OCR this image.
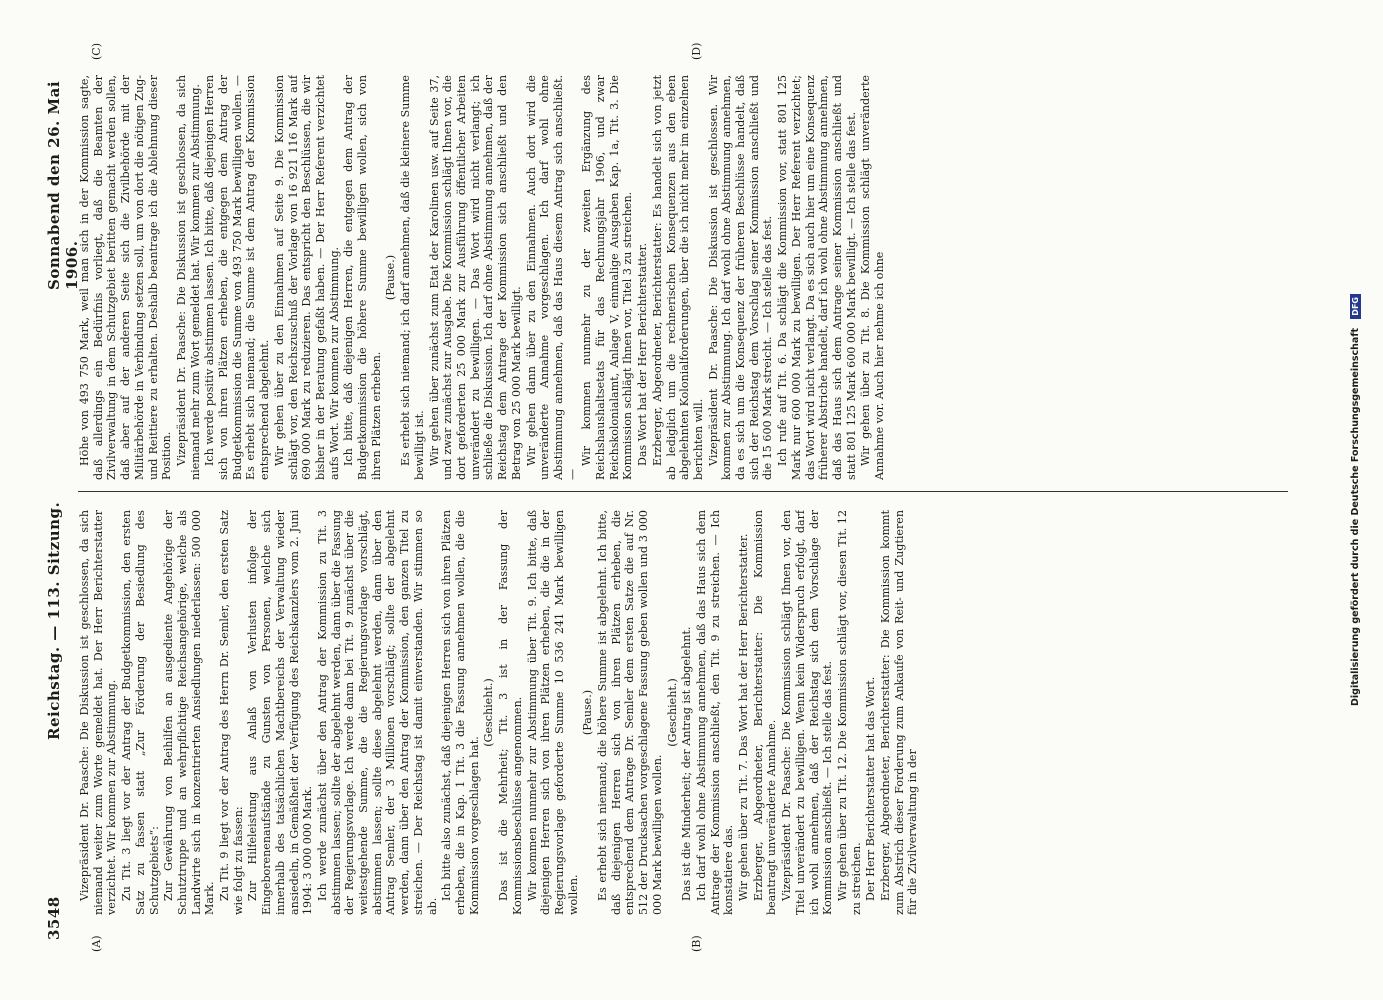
3548
Reichstag. — 113. Sitzung.
Sonnabend den 26. Mai 1906.
(A)	(B)
(C)	(D)

Vizepräsident Dr. Paasche: Die Diskussion ist geschlossen, da sich niemand weiter zum Worte gemeldet hat. Der Herr Berichterstatter verzichtet. Wir kommen zur Abstimmung. Zu Tit. 3 liegt vor der Antrag der Budgetkommission, den ersten Satz zu fassen statt „Zur Förderung der Besiedlung des Schutzgebiets“: Zur Gewährung von Beihilfen an ausgediente Angehörige der Schutztruppe und an wehrpflichtige Reichsangehörige, welche als Landwirte sich in konzentrierten Ansiedlungen niederlassen: 500 000 Mark. Zu Tit. 9 liegt vor der Antrag des Herrn Dr. Semler, den ersten Satz wie folgt zu fassen: Zur Hilfeleistung aus Anlaß von Verlusten infolge der Eingeborenenaufstände zu Gunsten von Personen, welche sich innerhalb des tatsächlichen Machtbereichs der Verwaltung wieder ansiedeln, in Gemäßheit der Verfügung des Reichskanzlers vom 2. Juni 1904: 3 000 000 Mark. Ich werde zunächst über den Antrag der Kommission zu Tit. 3 abstimmen lassen; sollte der abgelehnt werden, dann über die Fassung der Regierungsvorlage. Ich werde dann bei Tit. 9 zunächst über die weitestgehende Summe, die die Regierungsvorlage vorschlägt, abstimmen lassen; sollte diese abgelehnt werden, dann über den Antrag Semler, der 3 Millionen vorschlägt; sollte der abgelehnt werden, dann über den Antrag der Kommission, den ganzen Titel zu streichen. — Der Reichstag ist damit einverstanden. Wir stimmen so ab.

Ich bitte also zunächst, daß diejenigen Herren sich von ihren Plätzen erheben, die in Kap. 1 Tit. 3 die Fassung annehmen wollen, die die Kommission vorgeschlagen hat.

(Geschieht.) Das ist die Mehrheit; Tit. 3 ist in der Fassung der Kommissionsbeschlüsse angenommen. Wir kommen nunmehr zur Abstimmung über Tit. 9. Ich bitte, daß diejenigen Herren sich von ihren Plätzen erheben, die die in der Regierungsvorlage geforderte Summe 10 536 241 Mark bewilligen wollen.

(Pause.) Es erhebt sich niemand; die höhere Summe ist abgelehnt. Ich bitte, daß diejenigen Herren sich von ihren Plätzen erheben, die entsprechend dem Antrage Dr. Semler dem ersten Satze die auf Nr. 512 der Drucksachen vorgeschlagene Fassung geben wollen und 3 000 000 Mark bewilligen wollen.

(Geschieht.) Das ist die Minderheit; der Antrag ist abgelehnt. Ich darf wohl ohne Abstimmung annehmen, daß das Haus sich dem Antrage der Kommission anschließt, den Tit. 9 zu streichen. — Ich konstatiere das. Wir gehen über zu Tit. 7. Das Wort hat der Herr Berichterstatter. Erzberger, Abgeordneter, Berichterstatter: Die Kommission beantragt unveränderte Annahme. Vizepräsident Dr. Paasche: Die Kommission schlägt Ihnen vor, den Titel unverändert zu bewilligen. Wenn kein Widerspruch erfolgt, darf ich wohl annehmen, daß der Reichstag sich dem Vorschlage der Kommission anschließt. — Ich stelle das fest. Wir gehen über zu Tit. 12. Die Kommission schlägt vor, diesen Tit. 12 zu streichen. Der Herr Berichterstatter hat das Wort. Erzberger, Abgeordneter, Berichterstatter: Die Kommission kommt zum Abstrich dieser Forderung zum Ankaufe von Reit- und Zugtieren für die Zivilverwaltung in der

Höhe von 493 750 Mark, weil man sich in der Kommission sagte, daß allerdings ein Bedürfnis vorliegt, daß die Beamten der Zivilverwaltung in dem Schutzgebiet beritten gemacht werden sollen, daß aber auf der anderen Seite sich die Zivilbehörde mit der Militärbehörde in Verbindung setzen soll, um von dort die nötigen Zug- und Reittiere zu erhalten. Deshalb beantrage ich die Ablehnung dieser Position. Vizepräsident Dr. Paasche: Die Diskussion ist geschlossen, da sich niemand mehr zum Wort gemeldet hat. Wir kommen zur Abstimmung. Ich werde positiv abstimmen lassen. Ich bitte, daß diejenigen Herren sich von ihren Plätzen erheben, die entgegen dem Antrag der Budgetkommission die Summe von 493 750 Mark bewilligen wollen. — Es erhebt sich niemand; die Summe ist dem Antrag der Kommission entsprechend abgelehnt. Wir gehen über zu den Einnahmen auf Seite 9. Die Kommission schlägt vor, den Reichszuschuß der Vorlage von 16 921 116 Mark auf 690 000 Mark zu reduzieren. Das entspricht den Beschlüssen, die wir bisher in der Beratung gefaßt haben. — Der Herr Referent verzichtet aufs Wort. Wir kommen zur Abstimmung. Ich bitte, daß diejenigen Herren, die entgegen dem Antrag der Budgetkommission die höhere Summe bewilligen wollen, sich von ihren Plätzen erheben.

(Pause.) Es erhebt sich niemand; ich darf annehmen, daß die kleinere Summe bewilligt ist. Wir gehen über zunächst zum Etat der Karolinen usw. auf Seite 37, und zwar zunächst zur Ausgabe. Die Kommission schlägt Ihnen vor, die dort geforderten 25 000 Mark zur Ausführung öffentlicher Arbeiten unverändert zu bewilligen. — Das Wort wird nicht verlangt; ich schließe die Diskussion. Ich darf ohne Abstimmung annehmen, daß der Reichstag dem Antrage der Kommission sich anschließt und den Betrag von 25 000 Mark bewilligt. Wir gehen dann über zu den Einnahmen. Auch dort wird die unveränderte Annahme vorgeschlagen. Ich darf wohl ohne Abstimmung annehmen, daß das Haus diesem Antrag sich anschließt. —

Wir kommen nunmehr zu der zweiten Ergänzung des Reichshaushaltsetats für das Rechnungsjahr 1906, und zwar Reichskolonialamt, Anlage V, einmalige Ausgaben Kap. 1a, Tit. 3. Die Kommission schlägt Ihnen vor, Titel 3 zu streichen. Das Wort hat der Herr Berichterstatter. Erzberger, Abgeordneter, Berichterstatter: Es handelt sich von jetzt ab lediglich um die rechnerischen Konsequenzen aus den eben abgelehnten Kolonialforderungen, über die ich nicht mehr im einzelnen berichten will. Vizepräsident Dr. Paasche: Die Diskussion ist geschlossen. Wir kommen zur Abstimmung. Ich darf wohl ohne Abstimmung annehmen, da es sich um die Konsequenz der früheren Beschlüsse handelt, daß sich der Reichstag dem Vorschlag seiner Kommission anschließt und die 15 600 Mark streicht. — Ich stelle das fest. Ich rufe auf Tit. 6. Da schlägt die Kommission vor, statt 801 125 Mark nur 600 000 Mark zu bewilligen. Der Herr Referent verzichtet; das Wort wird nicht verlangt. Da es sich auch hier um eine Konsequenz früherer Abstriche handelt, darf ich wohl ohne Abstimmung annehmen, daß das Haus sich dem Antrage seiner Kommission anschließt und statt 801 125 Mark 600 000 Mark bewilligt. — Ich stelle das fest. Wir gehen über zu Tit. 8. Die Kommission schlägt unveränderte Annahme vor. Auch hier nehme ich ohne	Digitalisierung gefördert durch die Deutsche Forschungsgemeinschaft DFG
